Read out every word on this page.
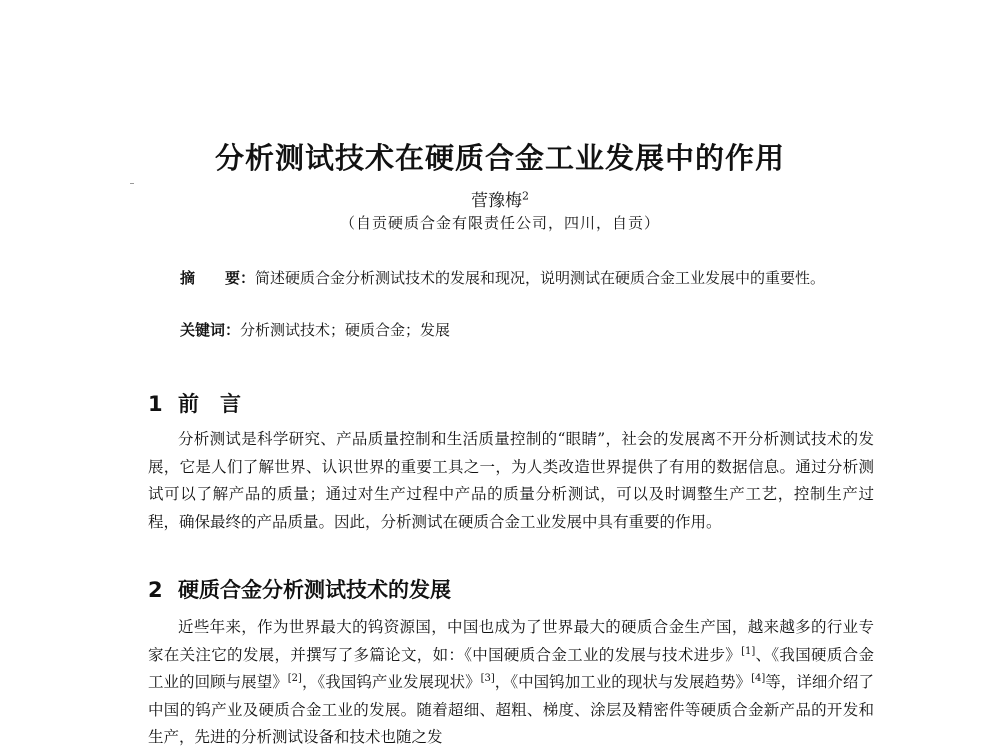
分析测试技术在硬质合金工业发展中的作用
菅豫梅$^2$
（自贡硬质合金有限责任公司，四川，自贡）

摘　　要：简述硬质合金分析测试技术的发展和现况，说明测试在硬质合金工业发展中的重要性。

关键词：分析测试技术；硬质合金；发展
1 前　言

分析测试是科学研究、产品质量控制和生活质量控制的“眼睛”，社会的发展离不开分析测试技术的发展，它是人们了解世界、认识世界的重要工具之一，为人类改造世界提供了有用的数据信息。通过分析测试可以了解产品的质量；通过对生产过程中产品的质量分析测试，可以及时调整生产工艺，控制生产过程，确保最终的产品质量。因此，分析测试在硬质合金工业发展中具有重要的作用。

2 硬质合金分析测试技术的发展

近些年来，作为世界最大的钨资源国，中国也成为了世界最大的硬质合金生产国，越来越多的行业专家在关注它的发展，并撰写了多篇论文，如：《中国硬质合金工业的发展与技术进步》[1]、《我国硬质合金工业的回顾与展望》[2]，《我国钨产业发展现状》[3]，《中国钨加工业的现状与发展趋势》[4]等，详细介绍了中国的钨产业及硬质合金工业的发展。随着超细、超粗、梯度、涂层及精密件等硬质合金新产品的开发和生产，先进的分析测试设备和技术也随之发
